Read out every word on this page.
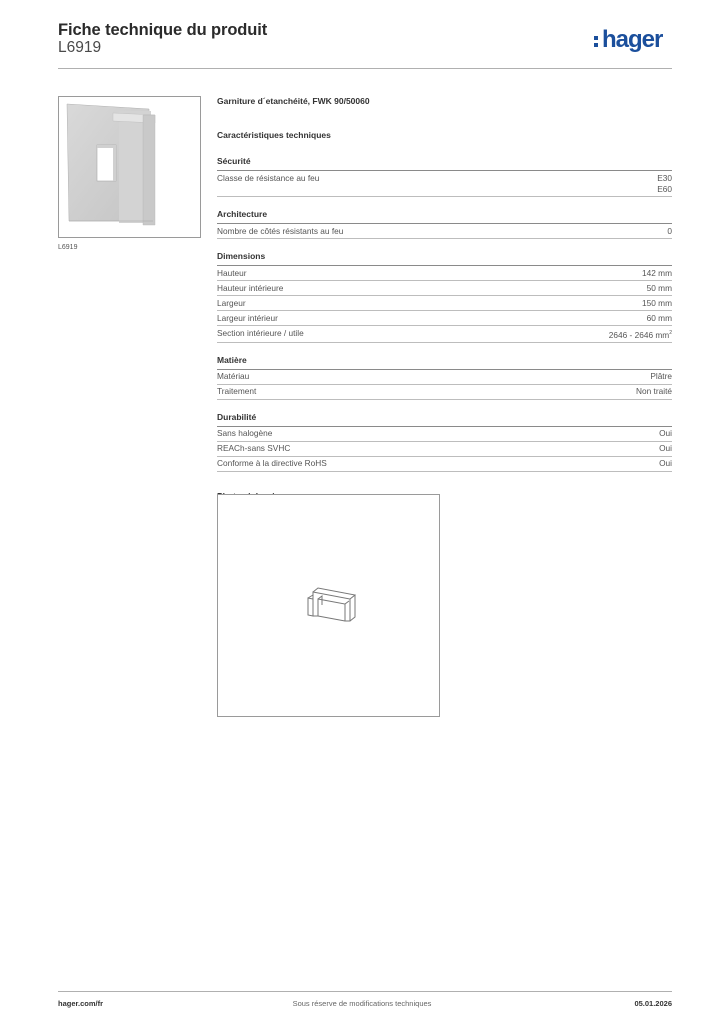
Fiche technique du produit
L6919	hager
L6919
Garniture d´etanchéité, FWK 90/50060
Caractéristiques techniques
Sécurité
Classe de résistance au feu	E30
E60
Architecture
Nombre de côtés résistants au feu	0
Dimensions
Hauteur	142 mm
Hauteur intérieure	50 mm
Largeur	150 mm
Largeur intérieur	60 mm
Section intérieure / utile	2646 - 2646 $mm^2$
Matière
Matériau	Plâtre
Traitement	Non traité
Durabilité
Sans halogène	Oui
REACh-sans SVHC	Oui
Conforme à la directive RoHS	Oui
hager.com/fr	Sous réserve de modifications techniques	05.01.2026
